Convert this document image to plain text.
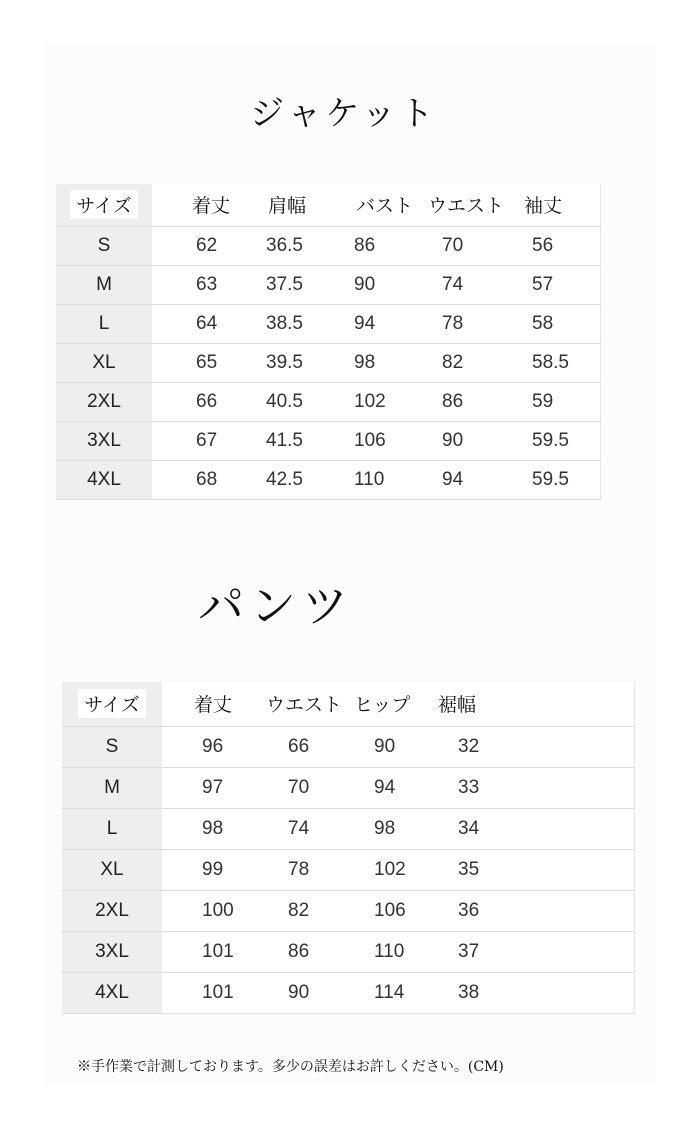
ジャケット
サイズ	着丈	肩幅	バスト	ウエスト	袖丈
S	62	36.5	86	70	56
M	63	37.5	90	74	57
L	64	38.5	94	78	58
XL	65	39.5	98	82	58.5
2XL	66	40.5	102	86	59
3XL	67	41.5	106	90	59.5
4XL	68	42.5	110	94	59.5
パンツ
サイズ	着丈	ウエスト	ヒップ	裾幅
S	96	66	90	32
M	97	70	94	33
L	98	74	98	34
XL	99	78	102	35
2XL	100	82	106	36
3XL	101	86	110	37
4XL	101	90	114	38

※手作業で計測しております。多少の誤差はお許しください。(CM)
